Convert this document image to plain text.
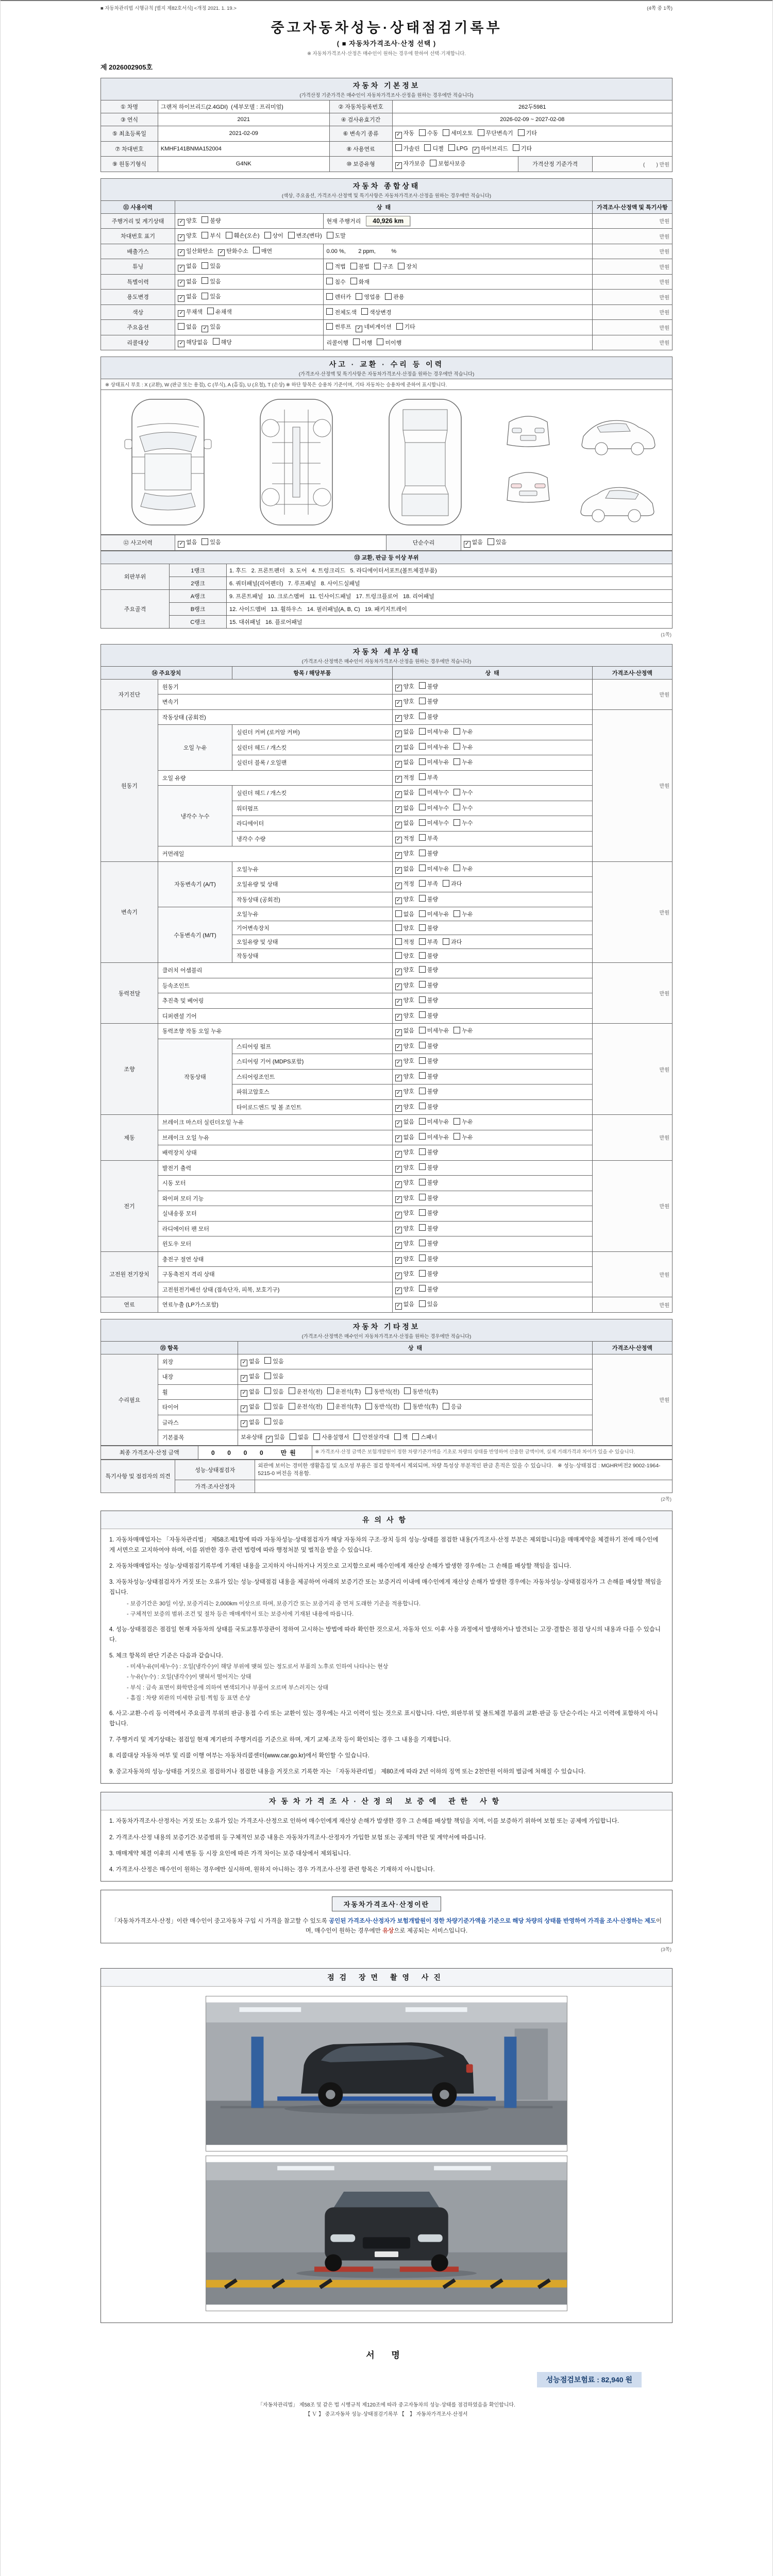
■ 자동차관리법 시행규칙 [별지 제82호서식] <개정 2021. 1. 19.>	(4쪽 중 1쪽)
중고자동차성능·상태점검기록부
( ■ 자동차가격조사·산정 선택 )
※ 자동차가격조사·산정은 매수인이 원하는 경우에 한하여 선택·기재합니다.
제 2026002905호
자동차 기본정보
(가격산정 기준가격은 매수인이 자동차가격조사·산정을 원하는 경우에만 적습니다)
① 차명	그랜저 하이브리드(2.4GDI)  (세부모델 : 프리미엄)	② 자동차등록번호	262두5981		
③ 연식	2021	④ 검사유효기간	2026-02-09 ~ 2027-02-08		
⑤ 최초등록일	2021-02-09	⑥ 변속기 종류	✓ 자동 수동 세미오토 무단변속기 기타		
⑦ 차대번호	KMHF141BNMA152004	⑧ 사용연료	가솔린 디젤 LPG ✓ 하이브리드 기타		
⑨ 원동기형식	G4NK	⑩ 보증유형	✓ 자가보증 보험사보증	가격산정 기준가격	(        ) 만원
자동차 종합상태
(색상, 주요옵션, 가격조사·산정액 및 특기사항은 자동차가격조사·산정을 원하는 경우에만 적습니다)
⑪ 사용이력	상  태		가격조사·산정액 및 특기사항
주행거리 및 계기상태	✓ 양호 불량	현재 주행거리 40,926 km	만원
차대번호 표기	✓ 양호 부식 훼손(오손) 상이 변조(변타) 도말		만원
배출가스	✓ 일산화탄소 ✓ 탄화수소 매연	0.00 %,        2 ppm,          %	만원
튜닝	✓ 없음 있음	적법 불법 구조 장치	만원
특별이력	✓ 없음 있음	침수 화재	만원
용도변경	✓ 없음 있음	렌터카 영업용 관용	만원
색상	✓ 무채색 유채색	전체도색 색상변경	만원
주요옵션	없음 ✓ 있음	썬루프 ✓ 네비게이션 기타	만원
리콜대상	✓ 해당없음 해당	리콜이행   이행 미이행	만원
사고 · 교환 · 수리 등 이력
(가격조사·산정액 및 특기사항은 자동차가격조사·산정을 원하는 경우에만 적습니다)
※ 상태표시 부호 : X (교환), W (판금 또는 용접), C (부식), A (흠집), U (요철), T (손상) ※ 하단 항목은 승용차 기준이며, 기타 자동차는 승용차에 준하여 표시합니다.
⑫ 사고이력	✓ 없음 있음	단순수리	✓ 없음 있음
⑬ 교환, 판금 등 이상 부위		
외판부위	1랭크	1. 후드   2. 프론트펜더   3. 도어   4. 트렁크리드   5. 라디에이터서포트(볼트체결부품)
	2랭크	6. 쿼터패널(리어펜더)   7. 루프패널   8. 사이드실패널
주요골격	A랭크	9. 프론트패널   10. 크로스멤버   11. 인사이드패널   17. 트렁크플로어   18. 리어패널
	B랭크	12. 사이드멤버   13. 휠하우스   14. 필러패널(A, B, C)   19. 패키지트레이
	C랭크	15. 대쉬패널   16. 플로어패널
(1쪽)
자동차 세부상태
(가격조사·산정액은 매수인이 자동차가격조사·산정을 원하는 경우에만 적습니다)
⑭ 주요장치		항목 / 해당부품	상  태	가격조사·산정액
자기진단	원동기		✓ 양호 불량	만원
	변속기		✓ 양호 불량	
원동기	작동상태 (공회전)		✓ 양호 불량	만원
	오일 누유	실린더 커버 (로커암 커버)	✓ 없음 미세누유 누유	
		실린더 헤드 / 개스킷	✓ 없음 미세누유 누유	
		실린더 블록 / 오일팬	✓ 없음 미세누유 누유	
	오일 유량		✓ 적정 부족	
	냉각수 누수	실린더 헤드 / 개스킷	✓ 없음 미세누수 누수	
		워터펌프	✓ 없음 미세누수 누수	
		라디에이터	✓ 없음 미세누수 누수	
		냉각수 수량	✓ 적정 부족	
	커먼레일		✓ 양호 불량	
변속기	자동변속기 (A/T)	오일누유	✓ 없음 미세누유 누유	만원
		오일유량 및 상태	✓ 적정 부족 과다	
		작동상태 (공회전)	✓ 양호 불량	
	수동변속기 (M/T)	오일누유	없음 미세누유 누유	
		기어변속장치	양호 불량	
		오일유량 및 상태	적정 부족 과다	
		작동상태	양호 불량	
동력전달	클러치 어셈블리		✓ 양호 불량	만원
	등속조인트		✓ 양호 불량	
	추진축 및 베어링		✓ 양호 불량	
	디퍼렌셜 기어		✓ 양호 불량	
조향	동력조향 작동 오일 누유		✓ 없음 미세누유 누유	만원
	작동상태	스티어링 펌프	✓ 양호 불량	
		스티어링 기어 (MDPS포함)	✓ 양호 불량	
		스티어링조인트	✓ 양호 불량	
		파워고압호스	✓ 양호 불량	
		타이로드엔드 및 볼 조인트	✓ 양호 불량	
제동	브레이크 마스터 실린더오일 누유		✓ 없음 미세누유 누유	만원
	브레이크 오일 누유		✓ 없음 미세누유 누유	
	배력장치 상태		✓ 양호 불량	
전기	발전기 출력		✓ 양호 불량	만원
	시동 모터		✓ 양호 불량	
	와이퍼 모터 기능		✓ 양호 불량	
	실내송풍 모터		✓ 양호 불량	
	라디에이터 팬 모터		✓ 양호 불량	
	윈도우 모터		✓ 양호 불량	
고전원 전기장치	충전구 절연 상태		✓ 양호 불량	만원
	구동축전지 격리 상태		✓ 양호 불량	
	고전원전기배선 상태 (접속단자, 피복, 보호기구)		✓ 양호 불량	
연료	연료누출 (LP가스포함)		✓ 없음 있음	만원
자동차 기타정보
(가격조사·산정액은 매수인이 자동차가격조사·산정을 원하는 경우에만 적습니다)
⑮ 항목		상  태	가격조사·산정액
수리필요	외장	✓ 없음 있음	만원
	내장	✓ 없음 있음	
	휠	✓ 없음 있음 운전석(전) 운전석(후) 동반석(전) 동반석(후)	
	타이어	✓ 없음 있음 운전석(전) 운전석(후) 동반석(전) 동반석(후) 응급	
	글라스	✓ 없음 있음	
	기본품목	보유상태  ✓ 있음 없음 사용설명서 안전삼각대 잭 스패너	
최종 가격조사·산정 금액	0  0  0  0   만원	※ 가격조사·산정 금액은 보험개발원이 정한 차량기준가액을 기초로 차량의 상태를 반영하여 산출한 금액이며, 실제 거래가격과 차이가 있을 수 있습니다.
특기사항 및 점검자의 의견	성능·상태점검자	외관에 보이는 경미한 생활흠집 및 소모성 부품은 점검 항목에서 제외되며, 차량 특성상 부분적인 판금 흔적은 있을 수 있습니다.   ※ 성능·상태점검 : MGHR버전2 9002-1964-5215-0 버전을 적용함.
	가격·조사산정자	
(2쪽)
유의사항
1. 자동차매매업자는 「자동차관리법」 제58조제1항에 따라 자동차성능·상태점검자가 해당 자동차의 구조·장치 등의 성능·상태를 점검한 내용(가격조사·산정 부분은 제외합니다)을 매매계약을 체결하기 전에 매수인에게 서면으로 고지하여야 하며, 이를 위반한 경우 관련 법령에 따라 행정처분 및 벌칙을 받을 수 있습니다.
2. 자동차매매업자는 성능·상태점검기록부에 기재된 내용을 고지하지 아니하거나 거짓으로 고지함으로써 매수인에게 재산상 손해가 발생한 경우에는 그 손해를 배상할 책임을 집니다.
3. 자동차성능·상태점검자가 거짓 또는 오류가 있는 성능·상태점검 내용을 제공하여 아래의 보증기간 또는 보증거리 이내에 매수인에게 재산상 손해가 발생한 경우에는 자동차성능·상태점검자가 그 손해를 배상할 책임을 집니다.
- 보증기간은 30일 이상, 보증거리는 2,000km 이상으로 하며, 보증기간 또는 보증거리 중 먼저 도래한 기준을 적용합니다.
- 구체적인 보증의 범위·조건 및 절차 등은 매매계약서 또는 보증서에 기재된 내용에 따릅니다.
4. 성능·상태점검은 점검일 현재 자동차의 상태를 국토교통부장관이 정하여 고시하는 방법에 따라 확인한 것으로서, 자동차 인도 이후 사용 과정에서 발생하거나 발견되는 고장·결함은 점검 당시의 내용과 다를 수 있습니다.
5. 체크 항목의 판단 기준은 다음과 같습니다.
- 미세누유(미세누수) : 오일(냉각수)이 해당 부위에 맺혀 있는 정도로서 부품의 노후로 인하여 나타나는 현상
- 누유(누수) : 오일(냉각수)이 맺혀서 떨어지는 상태
- 부식 : 금속 표면이 화학반응에 의하여 변색되거나 부풀어 오르며 부스러지는 상태
- 흠집 : 차량 외관의 미세한 긁힘·찍힘 등 표면 손상
6. 사고·교환·수리 등 이력에서 주요골격 부위의 판금·용접 수리 또는 교환이 있는 경우에는 사고 이력이 있는 것으로 표시합니다. 다만, 외판부위 및 볼트체결 부품의 교환·판금 등 단순수리는 사고 이력에 포함하지 아니합니다.
7. 주행거리 및 계기상태는 점검일 현재 계기판의 주행거리를 기준으로 하며, 계기 교체·조작 등이 확인되는 경우 그 내용을 기재합니다.
8. 리콜대상 자동차 여부 및 리콜 이행 여부는 자동차리콜센터(www.car.go.kr)에서 확인할 수 있습니다.
9. 중고자동차의 성능·상태를 거짓으로 점검하거나 점검한 내용을 거짓으로 기록한 자는 「자동차관리법」 제80조에 따라 2년 이하의 징역 또는 2천만원 이하의 벌금에 처해질 수 있습니다.
자동차가격조사·산정의 보증에 관한 사항
1. 자동차가격조사·산정자는 거짓 또는 오류가 있는 가격조사·산정으로 인하여 매수인에게 재산상 손해가 발생한 경우 그 손해를 배상할 책임을 지며, 이를 보증하기 위하여 보험 또는 공제에 가입합니다.
2. 가격조사·산정 내용의 보증기간·보증범위 등 구체적인 보증 내용은 자동차가격조사·산정자가 가입한 보험 또는 공제의 약관 및 계약서에 따릅니다.
3. 매매계약 체결 이후의 시세 변동 등 시장 요인에 따른 가격 차이는 보증 대상에서 제외됩니다.
4. 가격조사·산정은 매수인이 원하는 경우에만 실시하며, 원하지 아니하는 경우 가격조사·산정 관련 항목은 기재하지 아니합니다.
자동차가격조사·산정이란
「자동차가격조사·산정」이란 매수인이 중고자동차 구입 시 가격을 참고할 수 있도록 공인된 가격조사·산정자가 보험개발원이 정한 차량기준가액을 기준으로 해당 차량의 상태를 반영하여 가격을 조사·산정하는 제도이며, 매수인이 원하는 경우에만 유상으로 제공되는 서비스입니다.
(3쪽)
점검 장면 촬영 사진
서 명
성능점검보험료 : 82,940 원
「자동차관리법」 제58조 및 같은 법 시행규칙 제120조에 따라 중고자동차의 성능·상태를 점검하였음을 확인합니다.
【 Ｖ 】 중고자동차 성능·상태점검기록부 【　】 자동차가격조사·산정서
